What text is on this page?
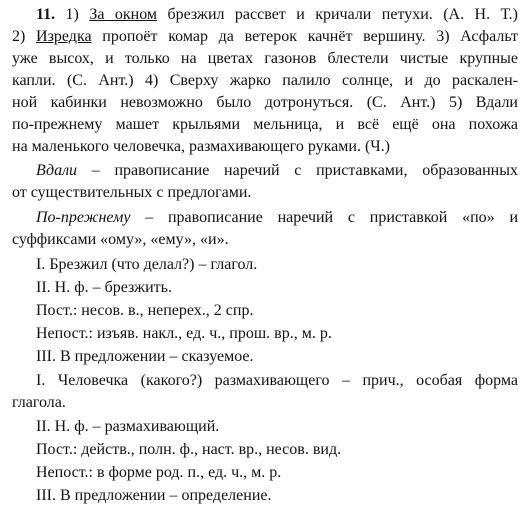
11. 1) За окном брезжил рассвет и кричали петухи. (А. Н. Т.)
2) Изредка пропоёт комар да ветерок качнёт вершину. 3) Асфальт
уже высох, и только на цветах газонов блестели чистые крупные
капли. (С. Ант.) 4) Сверху жарко палило солнце, и до раскален-
ной кабинки невозможно было дотронуться. (С. Ант.) 5) Вдали
по-прежнему машет крыльями мельница, и всё ещё она похожа
на маленького человечка, размахивающего руками. (Ч.)
Вдали – правописание наречий с приставками, образованных
от существительных с предлогами.
По-прежнему – правописание наречий с приставкой «по» и
суффиксами «ому», «ему», «и».
I. Брезжил (что делал?) – глагол.
II. Н. ф. – брезжить.
Пост.: несов. в., неперех., 2 спр.
Непост.: изъяв. накл., ед. ч., прош. вр., м. р.
III. В предложении – сказуемое.
I. Человечка (какого?) размахивающего – прич., особая форма
глагола.
II. Н. ф. – размахивающий.
Пост.: действ., полн. ф., наст. вр., несов. вид.
Непост.: в форме род. п., ед. ч., м. р.
III. В предложении – определение.
